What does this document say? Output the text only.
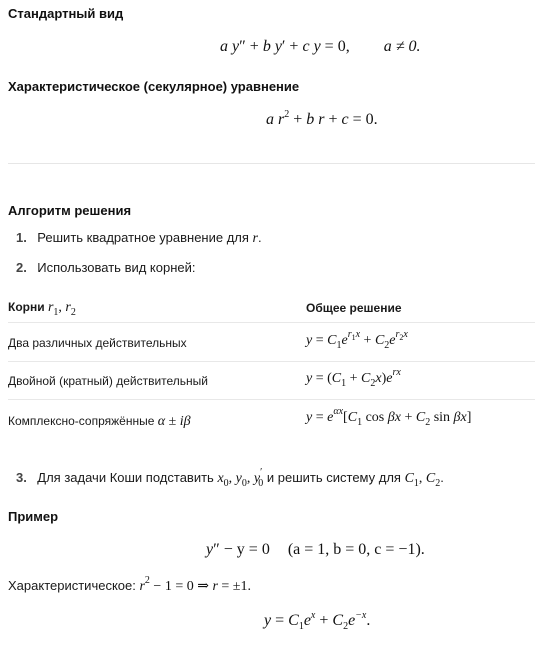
Стандартный вид
a y″ + b y′ + c y = 0, a ≠ 0.
Характеристическое (секулярное) уравнение
a $r^2 + b$ r + c = 0.
Алгоритм решения
1. Решить квадратное уравнение для r.
2. Использовать вид корней:
Корни $r_1$, $r_2$	Общее решение
Два различных действительных	$y = C_1e^{r_1x} + C_2e^{r_2x}$
Двойной (кратный) действительный	$y = (C_1 + C_2x)e^{rx}$
Комплексно-сопряжённые α ± iβ	$y = e^{\alpha x}[C_1$ $\cos \beta x + C_2$ sin βx]
3. Для задачи Коши подставить $x_0$, $y_0$, $y'_0$ и решить систему для $C_1$, $C_2$.
Пример
y″ − y = 0 (a = 1, b = 0, c = −1).
Характеристическое: $r^2 - 1 = 0$ ⇒ r = ±1.
$y = C_1e^x + C_2e^{-x}$.
